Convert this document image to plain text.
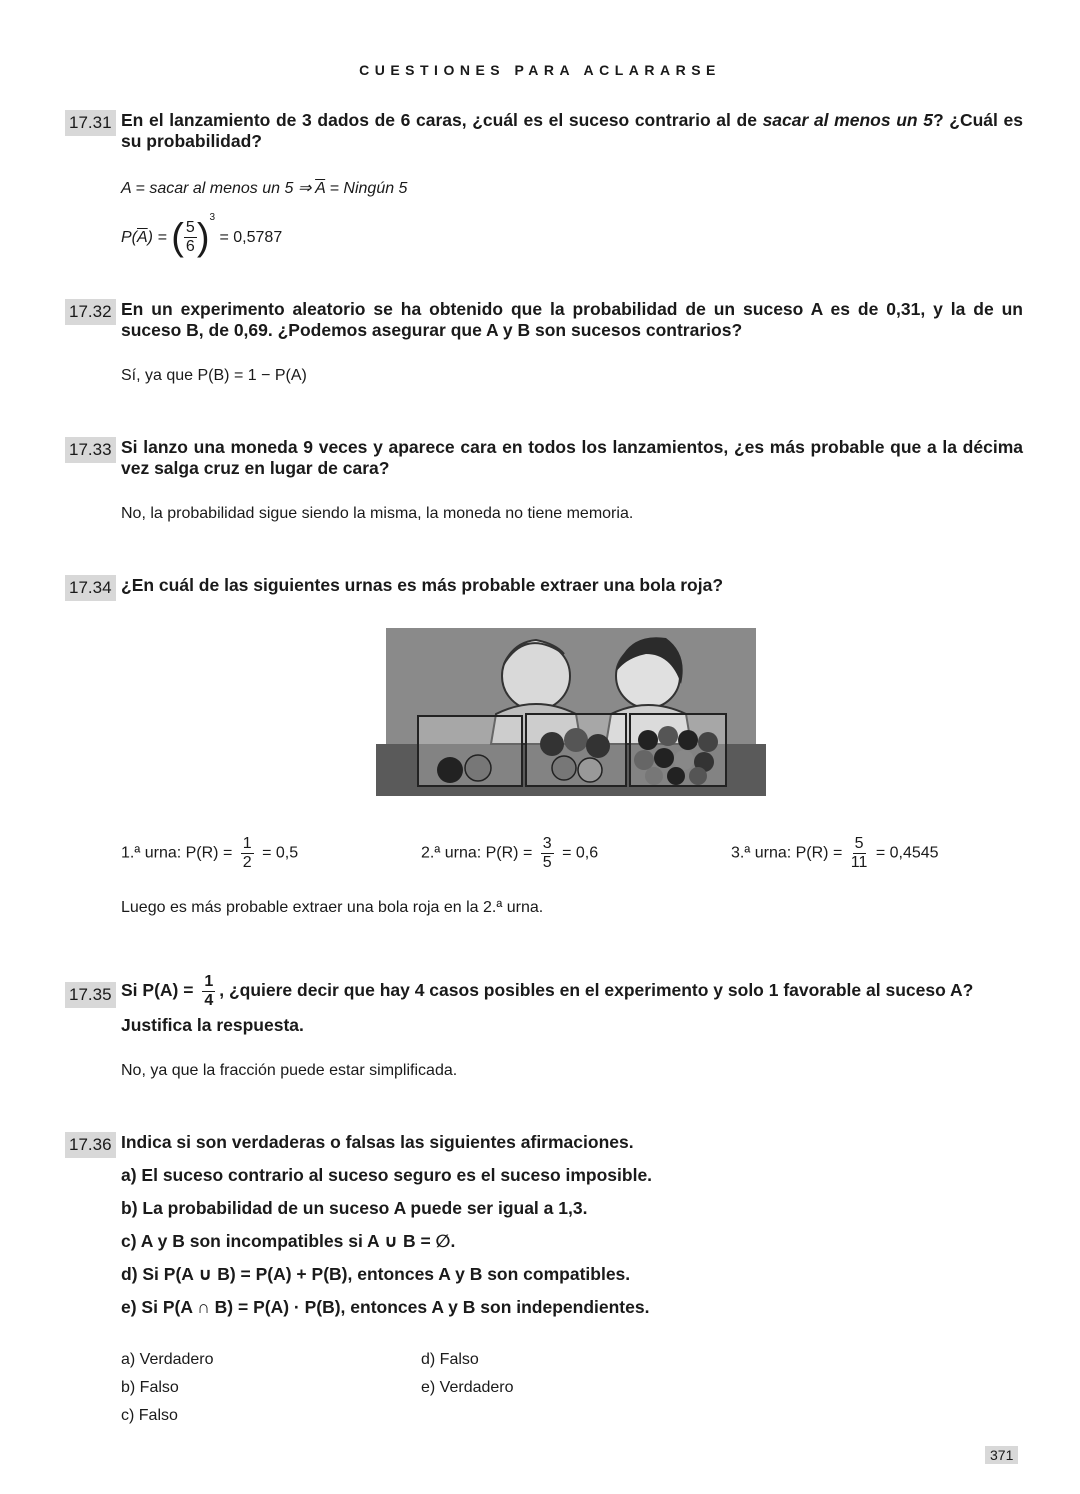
CUESTIONES PARA ACLARARSE
17.31 En el lanzamiento de 3 dados de 6 caras, ¿cuál es el suceso contrario al de sacar al menos un 5? ¿Cuál es su probabilidad?
A = sacar al menos un 5 ⇒ $\overline{A}$ = Ningún 5
$P(\overline{A})$ = ( $\frac{5}{6} )^3 = 0,5787$
17.32 En un experimento aleatorio se ha obtenido que la probabilidad de un suceso A es de 0,31, y la de un suceso B, de 0,69. ¿Podemos asegurar que A y B son sucesos contrarios?
Sí, ya que P(B) = 1 − P(A)
17.33 Si lanzo una moneda 9 veces y aparece cara en todos los lanzamientos, ¿es más probable que a la décima vez salga cruz en lugar de cara?
No, la probabilidad sigue siendo la misma, la moneda no tiene memoria.
17.34 ¿En cuál de las siguientes urnas es más probable extraer una bola roja?
1.ª urna: $P(R) = \frac{1}{2} = 0,5$	2.ª urna: $P(R) = \frac{3}{5} = 0,6$	3.ª urna: $P(R) = \frac{5}{11} = 0,4545$
Luego es más probable extraer una bola roja en la 2.ª urna.
17.35 Si $P(A) = \frac{1}{4}$ , ¿quiere decir que hay 4 casos posibles en el experimento y solo 1 favorable al suceso A?
Justifica la respuesta.
No, ya que la fracción puede estar simplificada.
17.36 Indica si son verdaderas o falsas las siguientes afirmaciones.
a) El suceso contrario al suceso seguro es el suceso imposible.
b) La probabilidad de un suceso A puede ser igual a 1,3.
c) A y B son incompatibles si A ∪ B = ∅.
d) Si P(A ∪ B) = P(A) + P(B), entonces A y B son compatibles.
e) Si P(A ∩ B) = P(A) · P(B), entonces A y B son independientes.
a) Verdadero
b) Falso
c) Falso
d) Falso
e) Verdadero
371
